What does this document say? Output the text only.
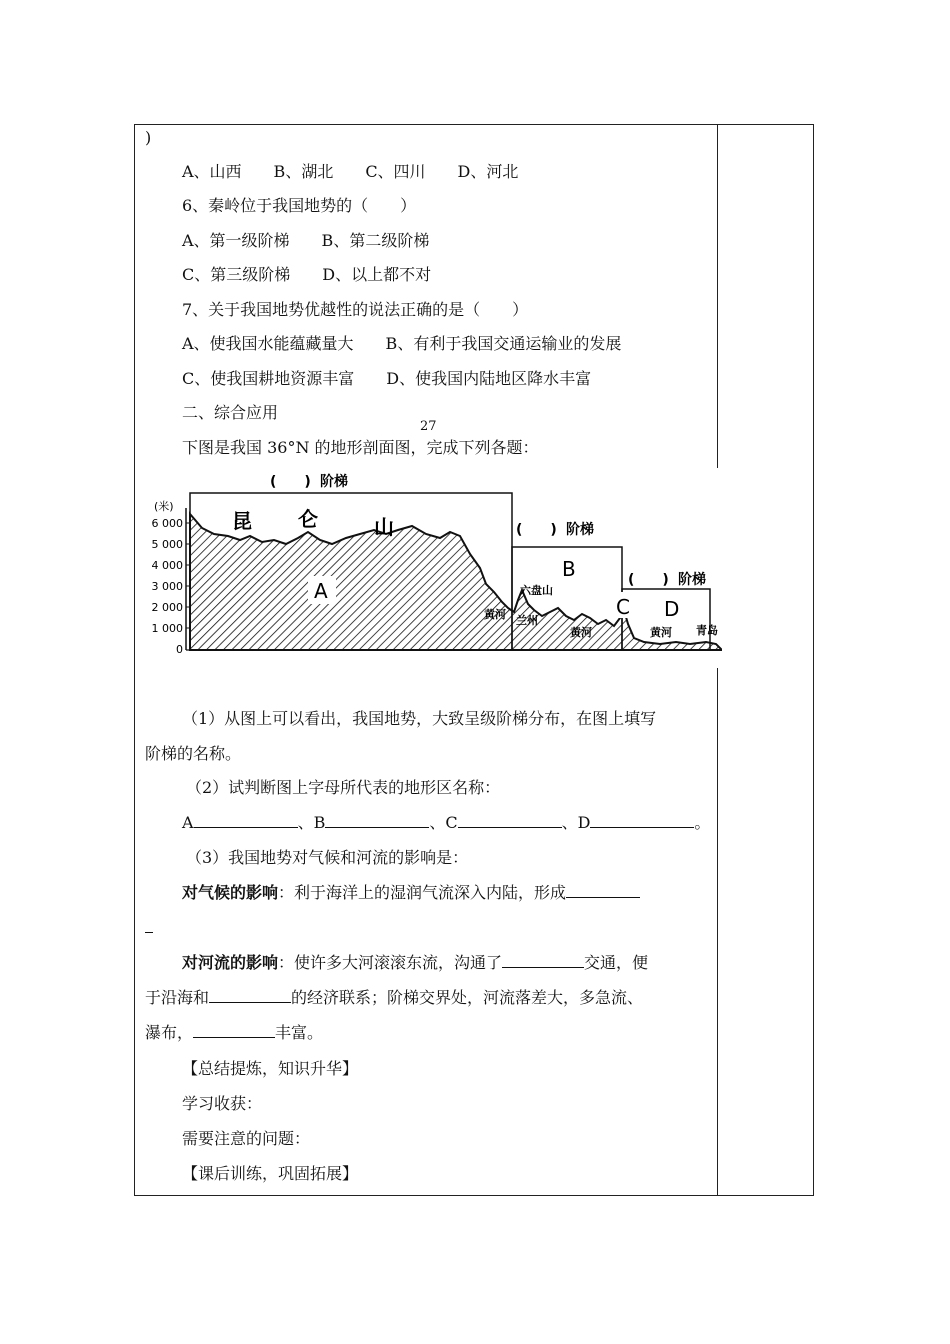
)
A、山西　　B、湖北　　C、四川　　D、河北
6、秦岭位于我国地势的（　　）
A、第一级阶梯　　B、第二级阶梯
C、第三级阶梯　　D、以上都不对
7、关于我国地势优越性的说法正确的是（　　）
A、使我国水能蕴藏量大　　B、有利于我国交通运输业的发展
C、使我国耕地资源丰富　　D、使我国内陆地区降水丰富
二、综合应用
27
下图是我国 36°N 的地形剖面图，完成下列各题：
(米)
6 000
5 000
4 000
3 000
2 000
1 000
0
(　　) 阶梯
(　　) 阶梯
(　　) 阶梯
昆 仑	山
A
B
C D
六盘山
兰州
黄河
黄河	黄河 青岛
（1）从图上可以看出，我国地势，大致呈级阶梯分布，在图上填写
阶梯的名称。
（2）试判断图上字母所代表的地形区名称：
A	、B	、C	、D	。
（3）我国地势对气候和河流的影响是：
对气候的影响：利于海洋上的湿润气流深入内陆，形成
对河流的影响：使许多大河滚滚东流，沟通了	交通，便
于沿海和	的经济联系；阶梯交界处，河流落差大，多急流、
瀑布，	丰富。
【总结提炼，知识升华】
学习收获：
需要注意的问题：
【课后训练，巩固拓展】
